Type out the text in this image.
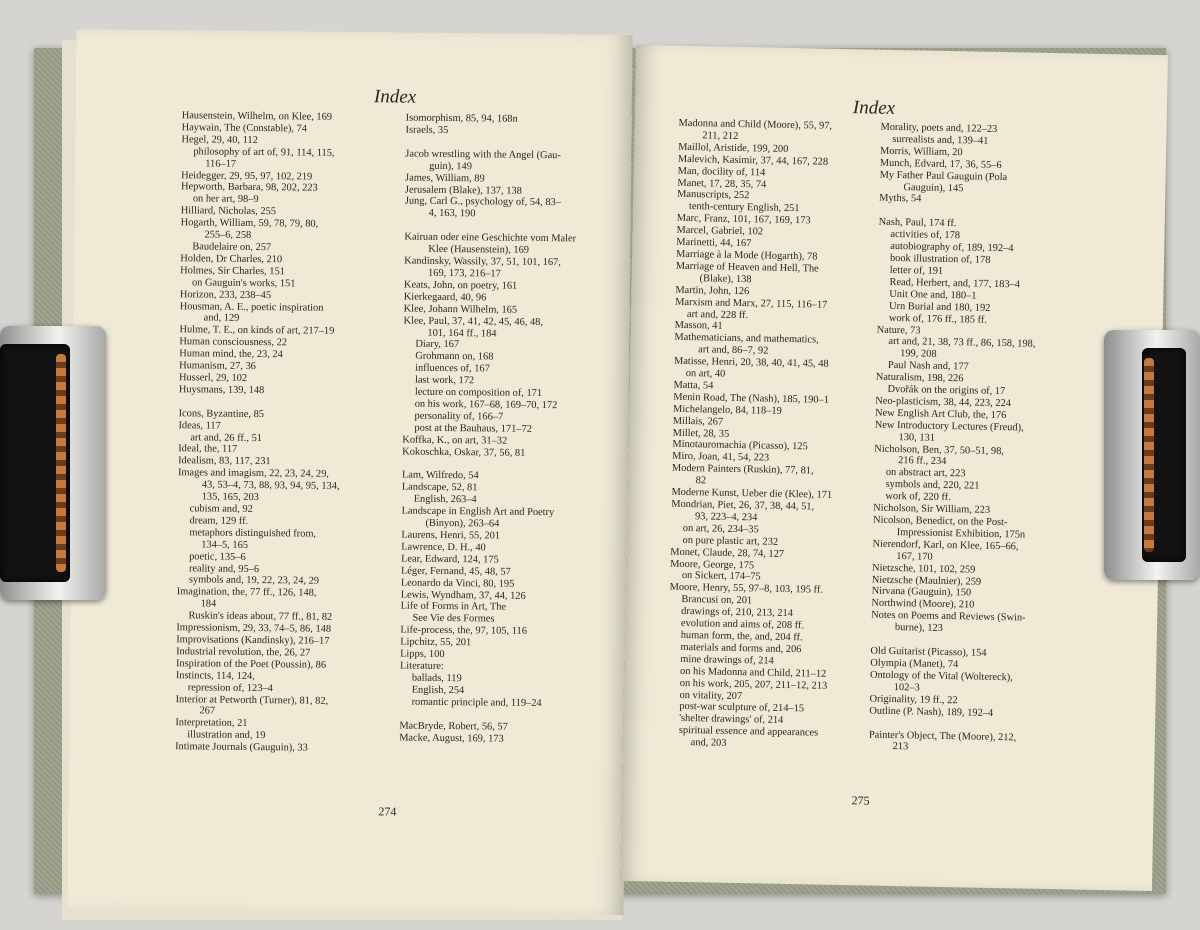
Index
Hausenstein, Wilhelm, on Klee, 169
Haywain, The (Constable), 74
Hegel, 29, 40, 112
philosophy of art of, 91, 114, 115,
116–17
Heidegger, 29, 95, 97, 102, 219
Hepworth, Barbara, 98, 202, 223
on her art, 98–9
Hilliard, Nicholas, 255
Hogarth, William, 59, 78, 79, 80,
255–6, 258
Baudelaire on, 257
Holden, Dr Charles, 210
Holmes, Sir Charles, 151
on Gauguin's works, 151
Horizon, 233, 238–45
Housman, A. E., poetic inspiration
and, 129
Hulme, T. E., on kinds of art, 217–19
Human consciousness, 22
Human mind, the, 23, 24
Humanism, 27, 36
Husserl, 29, 102
Huysmans, 139, 148
Icons, Byzantine, 85
Ideas, 117
art and, 26 ff., 51
Ideal, the, 117
Idealism, 83, 117, 231
Images and imagism, 22, 23, 24, 29,
43, 53–4, 73, 88, 93, 94, 95, 134,
135, 165, 203
cubism and, 92
dream, 129 ff.
metaphors distinguished from,
134–5, 165
poetic, 135–6
reality and, 95–6
symbols and, 19, 22, 23, 24, 29
Imagination, the, 77 ff., 126, 148,
184
Ruskin's ideas about, 77 ff., 81, 82
Impressionism, 29, 33, 74–5, 86, 148
Improvisations (Kandinsky), 216–17
Industrial revolution, the, 26, 27
Inspiration of the Poet (Poussin), 86
Instincts, 114, 124,
repression of, 123–4
Interior at Petworth (Turner), 81, 82,
267
Interpretation, 21
illustration and, 19
Intimate Journals (Gauguin), 33
Isomorphism, 85, 94, 168n
Israels, 35
Jacob wrestling with the Angel (Gau-
guin), 149
James, William, 89
Jerusalem (Blake), 137, 138
Jung, Carl G., psychology of, 54, 83–
4, 163, 190
Kairuan oder eine Geschichte vom Maler
Klee (Hausenstein), 169
Kandinsky, Wassily, 37, 51, 101, 167,
169, 173, 216–17
Keats, John, on poetry, 161
Kierkegaard, 40, 96
Klee, Johann Wilhelm, 165
Klee, Paul, 37, 41, 42, 45, 46, 48,
101, 164 ff., 184
Diary, 167
Grohmann on, 168
influences of, 167
last work, 172
lecture on composition of, 171
on his work, 167–68, 169–70, 172
personality of, 166–7
post at the Bauhaus, 171–72
Koffka, K., on art, 31–32
Kokoschka, Oskar, 37, 56, 81
Lam, Wilfredo, 54
Landscape, 52, 81
English, 263–4
Landscape in English Art and Poetry
(Binyon), 263–64
Laurens, Henri, 55, 201
Lawrence, D. H., 40
Lear, Edward, 124, 175
Léger, Fernand, 45, 48, 57
Leonardo da Vinci, 80, 195
Lewis, Wyndham, 37, 44, 126
Life of Forms in Art, The
See Vie des Formes
Life-process, the, 97, 105, 116
Lipchitz, 55, 201
Lipps, 100
Literature:
ballads, 119
English, 254
romantic principle and, 119–24
MacBryde, Robert, 56, 57
Macke, August, 169, 173
274
Index
Madonna and Child (Moore), 55, 97,
211, 212
Maillol, Aristide, 199, 200
Malevich, Kasimir, 37, 44, 167, 228
Man, docility of, 114
Manet, 17, 28, 35, 74
Manuscripts, 252
tenth-century English, 251
Marc, Franz, 101, 167, 169, 173
Marcel, Gabriel, 102
Marinetti, 44, 167
Marriage à la Mode (Hogarth), 78
Marriage of Heaven and Hell, The
(Blake), 138
Martin, John, 126
Marxism and Marx, 27, 115, 116–17
art and, 228 ff.
Masson, 41
Mathematicians, and mathematics,
art and, 86–7, 92
Matisse, Henri, 20, 38, 40, 41, 45, 48
on art, 40
Matta, 54
Menin Road, The (Nash), 185, 190–1
Michelangelo, 84, 118–19
Millais, 267
Millet, 28, 35
Minotauromachia (Picasso), 125
Miro, Joan, 41, 54, 223
Modern Painters (Ruskin), 77, 81,
82
Moderne Kunst, Ueber die (Klee), 171
Mondrian, Piet, 26, 37, 38, 44, 51,
93, 223–4, 234
on art, 26, 234–35
on pure plastic art, 232
Monet, Claude, 28, 74, 127
Moore, George, 175
on Sickert, 174–75
Moore, Henry, 55, 97–8, 103, 195 ff.
Brancusi on, 201
drawings of, 210, 213, 214
evolution and aims of, 208 ff.
human form, the, and, 204 ff.
materials and forms and, 206
mine drawings of, 214
on his Madonna and Child, 211–12
on his work, 205, 207, 211–12, 213
on vitality, 207
post-war sculpture of, 214–15
'shelter drawings' of, 214
spiritual essence and appearances
and, 203
Morality, poets and, 122–23
surrealists and, 139–41
Morris, William, 20
Munch, Edvard, 17, 36, 55–6
My Father Paul Gauguin (Pola
Gauguin), 145
Myths, 54
Nash, Paul, 174 ff.
activities of, 178
autobiography of, 189, 192–4
book illustration of, 178
letter of, 191
Read, Herbert, and, 177, 183–4
Unit One and, 180–1
Urn Burial and 180, 192
work of, 176 ff., 185 ff.
Nature, 73
art and, 21, 38, 73 ff., 86, 158, 198,
199, 208
Paul Nash and, 177
Naturalism, 198, 226
Dvořák on the origins of, 17
Neo-plasticism, 38, 44, 223, 224
New English Art Club, the, 176
New Introductory Lectures (Freud),
130, 131
Nicholson, Ben, 37, 50–51, 98,
216 ff., 234
on abstract art, 223
symbols and, 220, 221
work of, 220 ff.
Nicholson, Sir William, 223
Nicolson, Benedict, on the Post-
Impressionist Exhibition, 175n
Nierendorf, Karl, on Klee, 165–66,
167, 170
Nietzsche, 101, 102, 259
Nietzsche (Maulnier), 259
Nirvana (Gauguin), 150
Northwind (Moore), 210
Notes on Poems and Reviews (Swin-
burne), 123
Old Guitarist (Picasso), 154
Olympia (Manet), 74
Ontology of the Vital (Woltereck),
102–3
Originality, 19 ff., 22
Outline (P. Nash), 189, 192–4
Painter's Object, The (Moore), 212,
213
275
